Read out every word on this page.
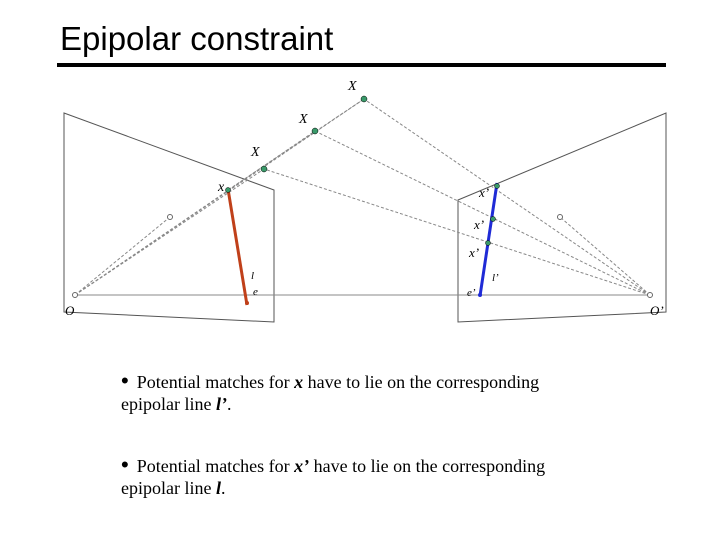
Epipolar constraint
X
X
X
x	x’
x’
x’
l	l’
e	e’
O	O’
• Potential matches for x have to lie on the corresponding
epipolar line l’.
• Potential matches for x’ have to lie on the corresponding
epipolar line l.
